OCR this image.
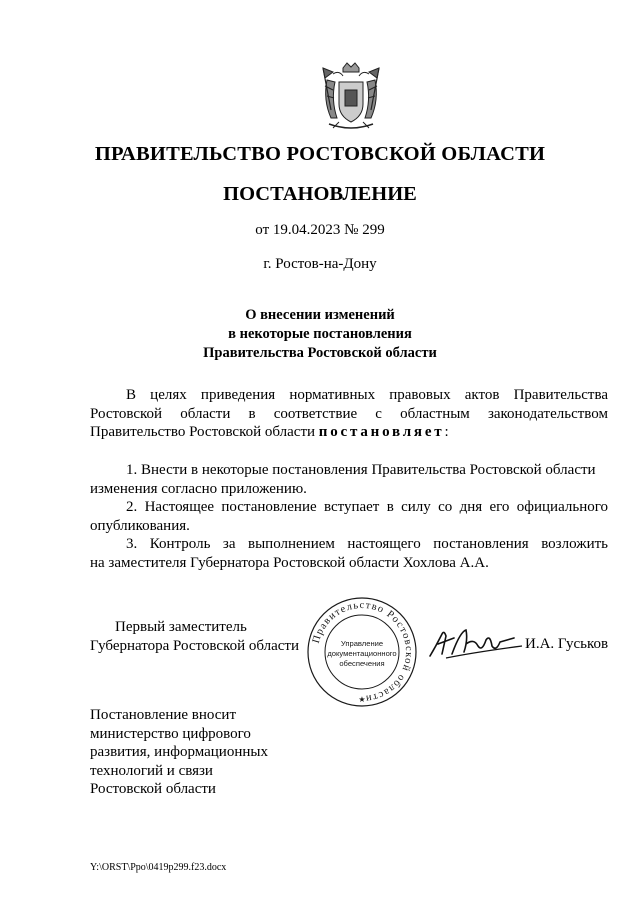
ПРАВИТЕЛЬСТВО РОСТОВСКОЙ ОБЛАСТИ
ПОСТАНОВЛЕНИЕ
от 19.04.2023 № 299
г. Ростов-на-Дону
О внесении изменений
в некоторые постановления
Правительства Ростовской области
В целях приведения нормативных правовых актов Правительства
Ростовской области в соответствие с областным законодательством
Правительство Ростовской области постановляет:
1. Внести в некоторые постановления Правительства Ростовской области
изменения согласно приложению.
2. Настоящее постановление вступает в силу со дня его официального
опубликования.
3. Контроль за выполнением настоящего постановления возложить
на заместителя Губернатора Ростовской области Хохлова А.А.
Первый заместитель
Губернатора Ростовской области Правительство Ростовской области
Управление
документационного
обеспечения
★
И.А. Гуськов
Постановление вносит
министерство цифрового
развития, информационных
технологий и связи
Ростовской области
Y:\ORST\Ppo\0419p299.f23.docx
